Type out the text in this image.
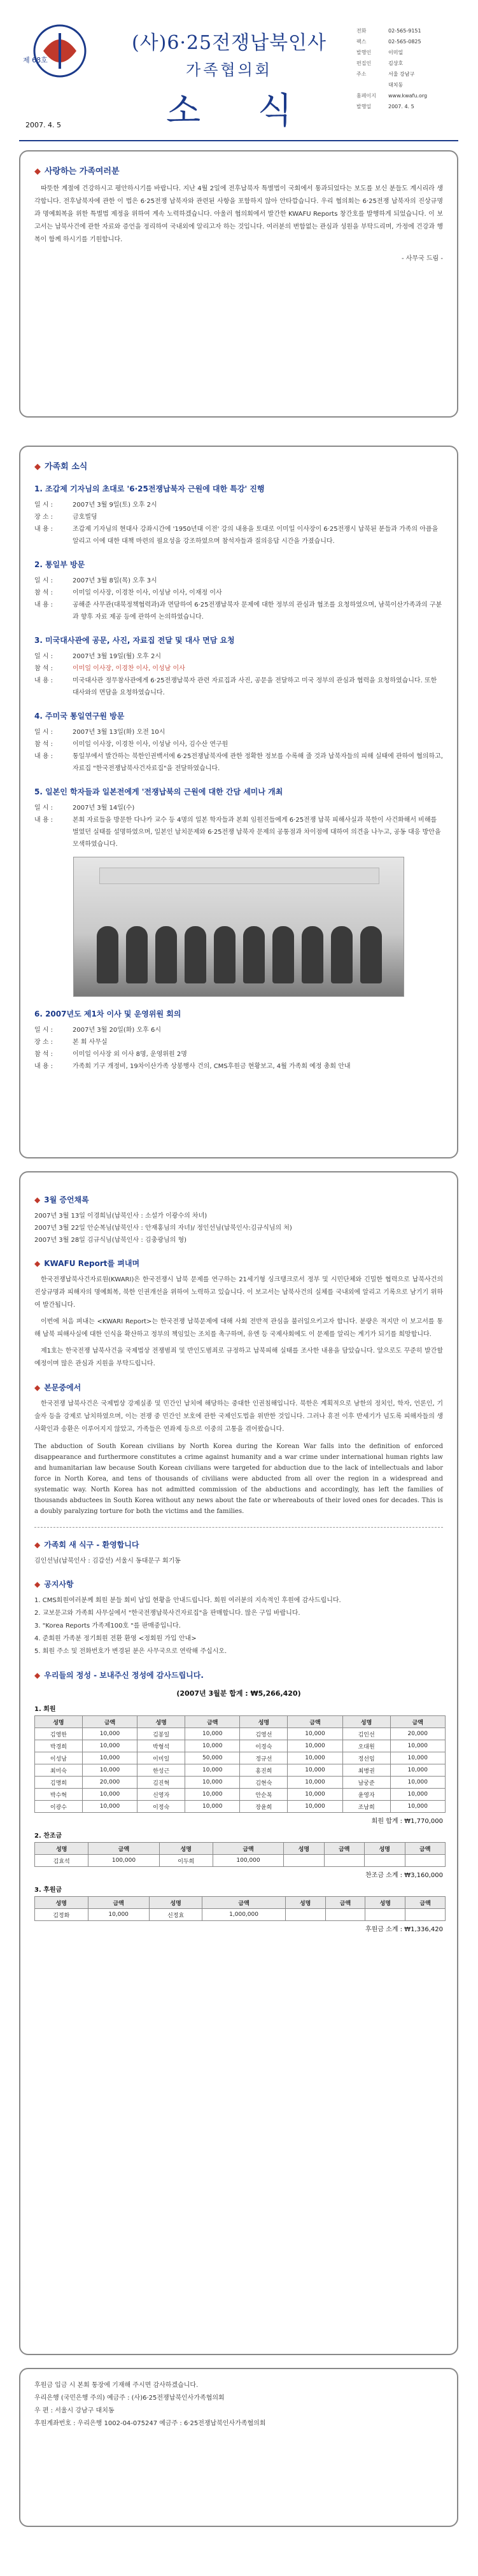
제 68호
(사)6·25전쟁납북인사
가족협의회
소 식
2007. 4. 5
전화	02-565-9151
팩스	02-565-0825
발행인	이미일
편집인	김상호
주소	서울 강남구
대치동
홈페이지	www.kwafu.org
발행일	2007. 4. 5
◆ 사랑하는 가족여러분

따뜻한 계절에 건강하시고 평안하시기를 바랍니다. 지난 4월 2일에 전후납북자 특별법이 국회에서 통과되었다는 보도를 보신 분들도 계시리라 생각합니다. 전후납북자에 관한 이 법은 6·25전쟁 납북자와 관련된 사항을 포함하지 않아 안타깝습니다. 우리 협의회는 6·25전쟁 납북자의 진상규명과 명예회복을 위한 특별법 제정을 위하여 계속 노력하겠습니다. 아울러 협의회에서 발간한 KWAFU Reports 창간호를 발행하게 되었습니다. 이 보고서는 납북사건에 관한 자료와 증언을 정리하여 국내외에 알리고자 하는 것입니다. 여러분의 변함없는 관심과 성원을 부탁드리며, 가정에 건강과 행복이 함께 하시기를 기원합니다.

- 사무국 드림 -
◆ 가족회 소식
1. 조갑제 기자님의 초대로 '6·25전쟁납북자 근원에 대한 특강' 진행
일 시 :	2007년 3월 9일(토) 오후 2시
장 소 :	금호빌딩
내 용 :	조갑제 기자님의 현대사 강좌시간에 '1950년대 이전' 강의 내용을 토대로 이미일 이사장이 6·25전쟁시 납북된 분들과 가족의 아픔을 알리고 이에 대한 대책 마련의 필요성을 강조하였으며 참석자들과 질의응답 시간을 가졌습니다.
2. 통일부 방문
일 시 :	2007년 3월 8일(목) 오후 3시
참 석 :	이미일 이사장, 이경찬 이사, 이성남 이사, 이재정 이사
내 용 :	공해준 사무관(대북정책협력과)과 면담하여 6·25전쟁납북자 문제에 대한 정부의 관심과 협조를 요청하였으며, 남북이산가족과의 구분과 향후 자료 제공 등에 관하여 논의하였습니다.
3. 미국대사관에 공문, 사진, 자료집 전달 및 대사 면담 요청
일 시 :	2007년 3월 19일(월) 오후 2시
참 석 :	이미일 이사장, 이경찬 이사, 이성남 이사
내 용 :	미국대사관 정무참사관에게 6·25전쟁납북자 관련 자료집과 사진, 공문을 전달하고 미국 정부의 관심과 협력을 요청하였습니다. 또한 대사와의 면담을 요청하였습니다.
4. 주미국 통일연구원 방문
일 시 :	2007년 3월 13일(화) 오전 10시
참 석 :	이미일 이사장, 이경찬 이사, 이성남 이사, 김수산 연구원
내 용 :	통일부에서 발간하는 북한인권백서에 6·25전쟁납북자에 관한 정확한 정보를 수록해 줄 것과 납북자들의 피해 실태에 관하여 협의하고, 자료집 "한국전쟁납북사건자료집"을 전달하였습니다.
5. 일본인 학자들과 일본전에게 '전쟁납북의 근원에 대한 간담 세미나 개최
일 시 :	2007년 3월 14일(수)
내 용 :	본회 자료들을 방문한 다나카 교수 등 4명의 일본 학자들과 본회 임원진들에게 6·25전쟁 납북 피해사실과 북한이 사건화해서 비해를 벌였던 실태를 설명하였으며, 일본인 납치문제와 6·25전쟁 납북자 문제의 공통점과 차이점에 대하여 의견을 나누고, 공동 대응 방안을 모색하였습니다.
6. 2007년도 제1차 이사 및 운영위원 회의
일 시 :	2007년 3월 20일(화) 오후 6시
장 소 :	본 회 사무실
참 석 :	이미일 이사장 외 이사 8명, 운영위원 2명
내 용 :	가족회 기구 개정비, 19차이산가족 상봉행사 건의, CMS후원금 현황보고, 4월 가족회 예정 총회 안내
◆ 3월 증언채록
2007년 3월 13일 이경희님(납북인사 : 소설가 이광수의 차녀)
2007년 3월 22일 안순복님(납북인사 : 안재홍님의 자녀)/ 정인선님(납북인사:김규식님의 처)
2007년 3월 28일 김규식님(납북인사 : 김충광님의 형)
◆ KWAFU Report를 펴내며

한국전쟁납북사건자료원(KWARI)은 한국전쟁시 납북 문제를 연구하는 21세기형 싱크탱크로서 정부 및 시민단체와 긴밀한 협력으로 납북사건의 진상규명과 피해자의 명예회복, 북한 인권개선을 위하여 노력하고 있습니다. 이 보고서는 납북사건의 실체를 국내외에 알리고 기록으로 남기기 위하여 발간됩니다.

이번에 처음 펴내는 <KWARI Report>는 한국전쟁 납북문제에 대해 사회 전반적 관심을 불러일으키고자 합니다. 분량은 적지만 이 보고서를 통해 납북 피해사실에 대한 인식을 확산하고 정부의 책임있는 조치를 촉구하며, 유엔 등 국제사회에도 이 문제를 알리는 계기가 되기를 희망합니다.

제1호는 한국전쟁 납북사건을 국제법상 전쟁범죄 및 반인도범죄로 규정하고 납북피해 실태를 조사한 내용을 담았습니다. 앞으로도 꾸준히 발간할 예정이며 많은 관심과 지원을 부탁드립니다.

◆ 본문중에서

한국전쟁 납북사건은 국제법상 강제실종 및 민간인 납치에 해당하는 중대한 인권침해입니다. 북한은 계획적으로 남한의 정치인, 학자, 언론인, 기술자 등을 강제로 납치하였으며, 이는 전쟁 중 민간인 보호에 관한 국제인도법을 위반한 것입니다. 그러나 휴전 이후 반세기가 넘도록 피해자들의 생사확인과 송환은 이루어지지 않았고, 가족들은 연좌제 등으로 이중의 고통을 겪어왔습니다.

The abduction of South Korean civilians by North Korea during the Korean War falls into the definition of enforced disappearance and furthermore constitutes a crime against humanity and a war crime under international human rights law and humanitarian law because South Korean civilians were targeted for abduction due to the lack of intellectuals and labor force in North Korea, and tens of thousands of civilians were abducted from all over the region in a widespread and systematic way. North Korea has not admitted commission of the abductions and accordingly, has left the families of thousands abductees in South Korea without any news about the fate or whereabouts of their loved ones for decades. This is a doubly paralyzing torture for both the victims and the families.

◆ 가족회 새 식구 - 환영합니다
김인선님(납북인사 : 김갑선) 서울시 동대문구 회기동
◆ 공지사항
1. CMS회원여러분께 회원 분들 회비 납입 현황을 안내드립니다. 회원 여러분의 지속적인 후원에 감사드립니다.
2. 교보문고와 가족회 사무실에서 "한국전쟁납북사건자료집"을 판매합니다. 많은 구입 바랍니다.
3. "Korea Reports 가족제100호 "를 판매중입니다.
4. 준회원 가족분 정기회원 전환 환영 <정회원 가입 안내>
5. 회원 주소 및 전화번호가 변경된 분은 사무국으로 연락해 주십시오.
◆ 우리들의 정성 - 보내주신 정성에 감사드립니다.
(2007년 3월분 합계 : ₩5,266,420)
1. 회원
성명	금액	성명	금액	성명	금액	성명	금액
김영한	10,000	김봉일	10,000	김영선	10,000	김인선	20,000
박경희	10,000	박형석	10,000	이경숙	10,000	오대원	10,000
이성남	10,000	이미일	50,000	정규선	10,000	정선임	10,000
최미숙	10,000	한성근	10,000	홍진희	10,000	최병권	10,000
김명희	20,000	김진혁	10,000	김현숙	10,000	남궁준	10,000
박수혁	10,000	신영자	10,000	안순복	10,000	윤영자	10,000
이광수	10,000	이정숙	10,000	장윤희	10,000	조남희	10,000
회원 합계 : ₩1,770,000
2. 찬조금
성명	금액	성명	금액	성명	금액	성명	금액
김효석	100,000	이두희	100,000				
찬조금 소계 : ₩3,160,000
3. 후원금
성명	금액	성명	금액	성명	금액	성명	금액
김정화	10,000	신정효	1,000,000				
후원금 소계 : ₩1,336,420
후원금 입금 시 본회 통장에 기재해 주시면 감사하겠습니다.
우리은행 (국민은행 주의) 예금주 : (사)6·25전쟁납북인사가족협의회
우 편 : 서울시 강남구 대치동
후원계좌번호 : 우리은행 1002-04-075247 예금주 : 6·25전쟁납북인사가족협의회
